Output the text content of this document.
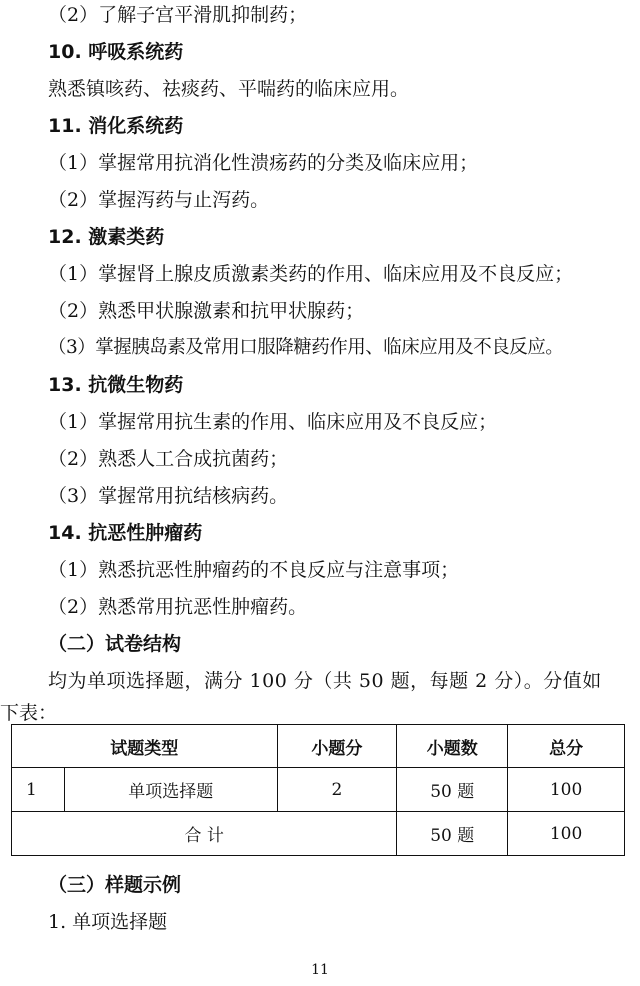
（2）了解子宫平滑肌抑制药；
10. 呼吸系统药
熟悉镇咳药、祛痰药、平喘药的临床应用。
11. 消化系统药
（1）掌握常用抗消化性溃疡药的分类及临床应用；
（2）掌握泻药与止泻药。
12. 激素类药
（1）掌握肾上腺皮质激素类药的作用、临床应用及不良反应；
（2）熟悉甲状腺激素和抗甲状腺药；
（3）掌握胰岛素及常用口服降糖药作用、临床应用及不良反应。
13. 抗微生物药
（1）掌握常用抗生素的作用、临床应用及不良反应；
（2）熟悉人工合成抗菌药；
（3）掌握常用抗结核病药。
14. 抗恶性肿瘤药
（1）熟悉抗恶性肿瘤药的不良反应与注意事项；
（2）熟悉常用抗恶性肿瘤药。
（二）试卷结构
均为单项选择题，满分 100 分（共 50 题，每题 2 分）。分值如
下表：
试题类型		小题分	小题数	总分
1	单项选择题	2	50 题	100
合 计			50 题	100
（三）样题示例
1. 单项选择题
11
